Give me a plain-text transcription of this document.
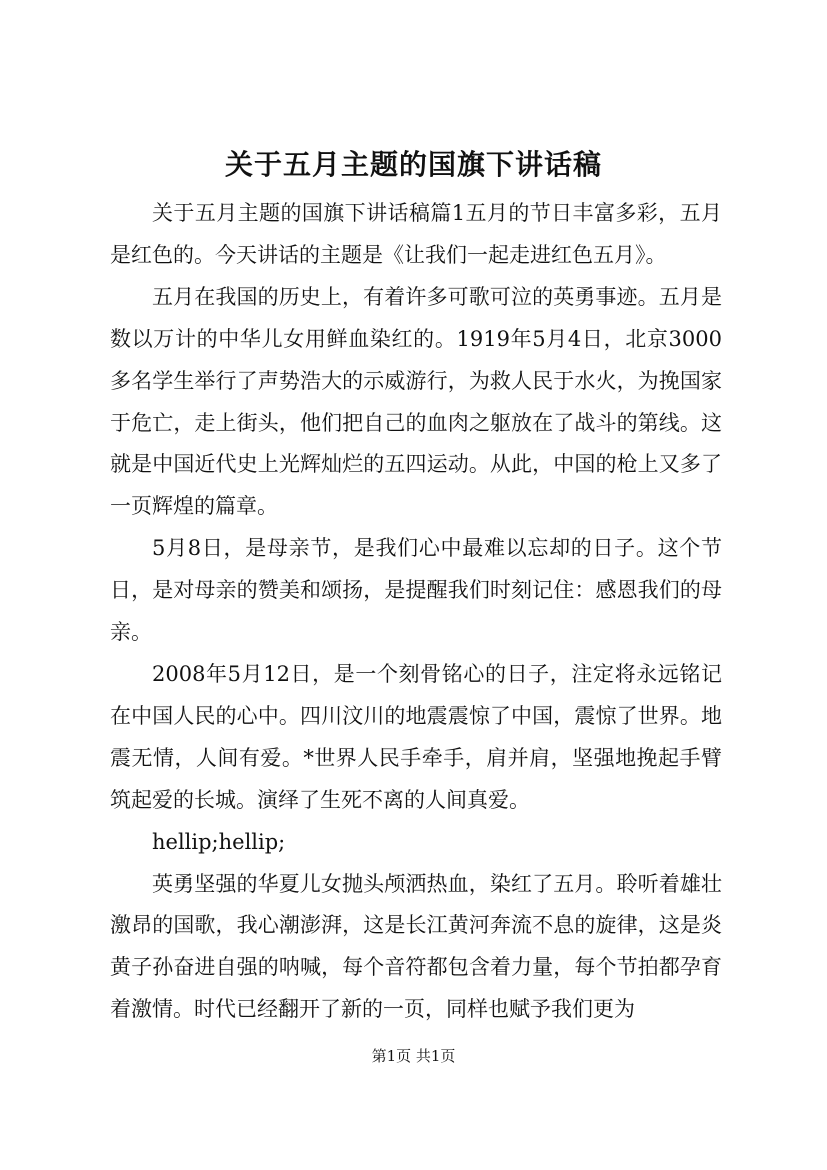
关于五月主题的国旗下讲话稿

关于五月主题的国旗下讲话稿篇1五月的节日丰富多彩，五月是红色的。今天讲话的主题是《让我们一起走进红色五月》。

五月在我国的历史上，有着许多可歌可泣的英勇事迹。五月是数以万计的中华儿女用鲜血染红的。1919年5月4日，北京3000多名学生举行了声势浩大的示威游行，为救人民于水火，为挽国家于危亡，走上街头，他们把自己的血肉之躯放在了战斗的第线。这就是中国近代史上光辉灿烂的五四运动。从此，中国的枪上又多了一页辉煌的篇章。

5月8日，是母亲节，是我们心中最难以忘却的日子。这个节日，是对母亲的赞美和颂扬，是提醒我们时刻记住：感恩我们的母亲。

2008年5月12日，是一个刻骨铭心的日子，注定将永远铭记在中国人民的心中。四川汶川的地震震惊了中国，震惊了世界。地震无情，人间有爱。*世界人民手牵手，肩并肩，坚强地挽起手臂筑起爱的长城。演绎了生死不离的人间真爱。

hellip;hellip;

英勇坚强的华夏儿女抛头颅洒热血，染红了五月。聆听着雄壮激昂的国歌，我心潮澎湃，这是长江黄河奔流不息的旋律，这是炎黄子孙奋进自强的呐喊，每个音符都包含着力量，每个节拍都孕育着激情。时代已经翻开了新的一页，同样也赋予我们更为

第1页 共1页
